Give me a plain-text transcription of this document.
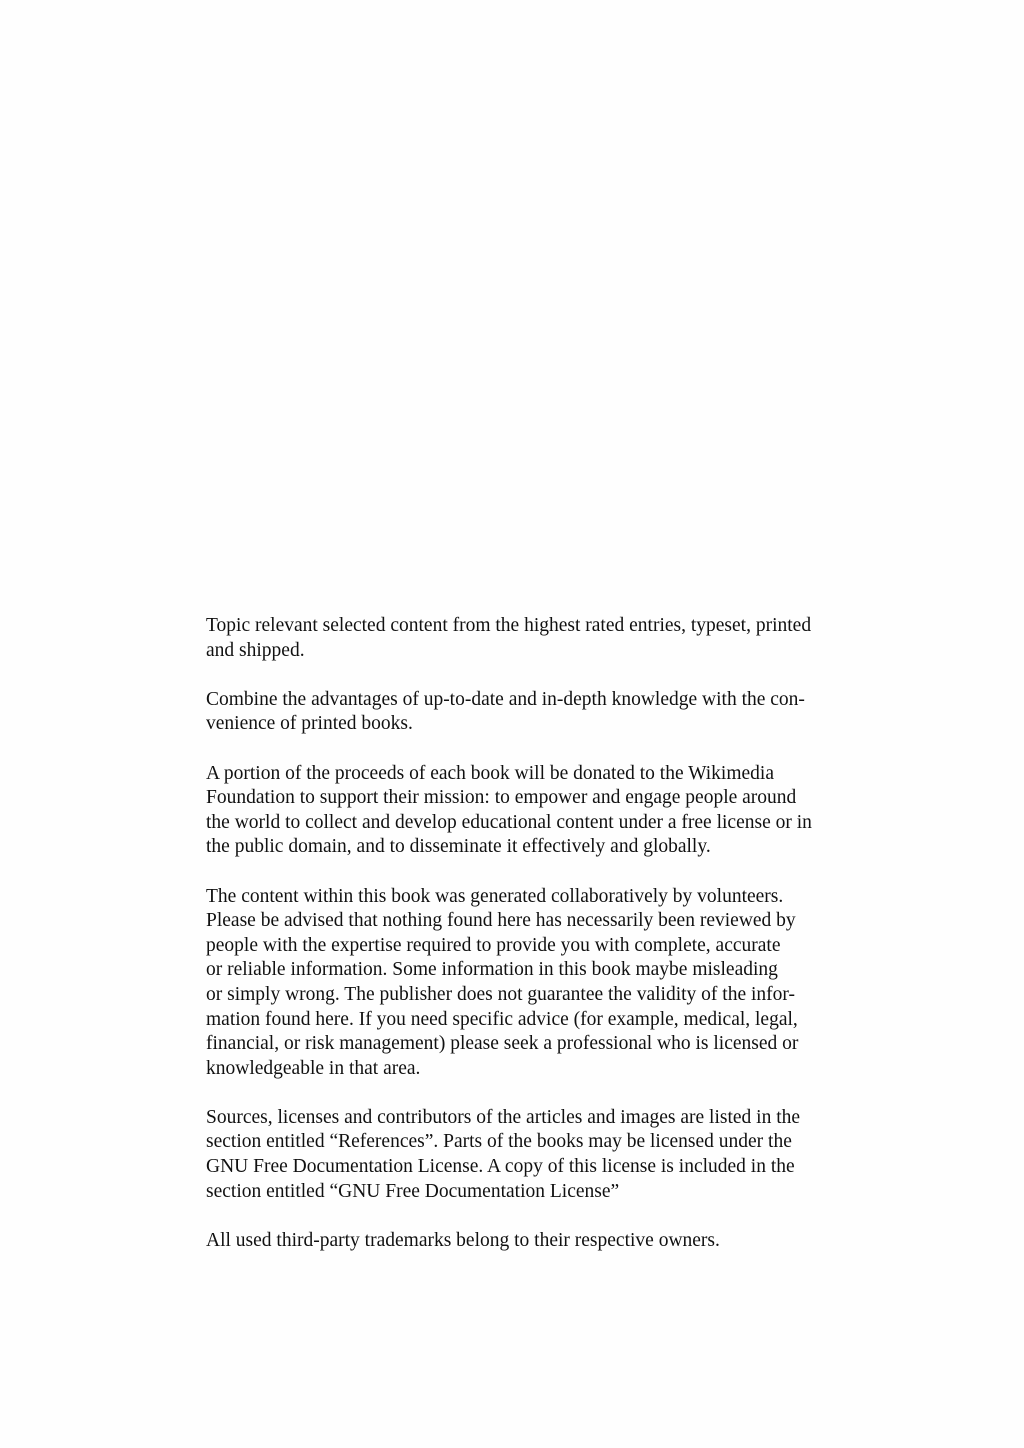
Topic relevant selected content from the highest rated entries, typeset, printed
and shipped.

Combine the advantages of up-to-date and in-depth knowledge with the con-
venience of printed books.

A portion of the proceeds of each book will be donated to the Wikimedia
Foundation to support their mission: to empower and engage people around
the world to collect and develop educational content under a free license or in
the public domain, and to disseminate it effectively and globally.

The content within this book was generated collaboratively by volunteers.
Please be advised that nothing found here has necessarily been reviewed by
people with the expertise required to provide you with complete, accurate
or reliable information. Some information in this book maybe misleading
or simply wrong. The publisher does not guarantee the validity of the infor-
mation found here. If you need specific advice (for example, medical, legal,
financial, or risk management) please seek a professional who is licensed or
knowledgeable in that area.

Sources, licenses and contributors of the articles and images are listed in the
section entitled “References”. Parts of the books may be licensed under the
GNU Free Documentation License. A copy of this license is included in the
section entitled “GNU Free Documentation License”

All used third-party trademarks belong to their respective owners.
